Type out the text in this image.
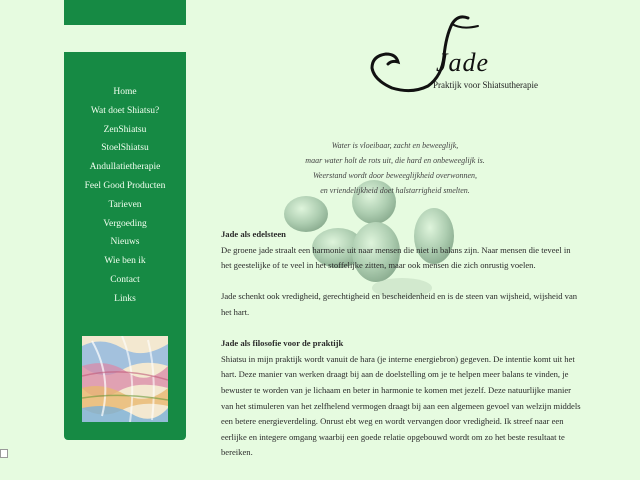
Home
Wat doet Shiatsu?
ZenShiatsu
StoelShiatsu
Andullatietherapie
Feel Good Producten
Tarieven
Vergoeding
Nieuws
Wie ben ik
Contact
Links
Jade
Praktijk voor Shiatsutherapie
Water is vloeibaar, zacht en beweeglijk,
maar water holt de rots uit, die hard en onbeweeglijk is.
Weerstand wordt door beweeglijkheid overwonnen,
en vriendelijkheid doet halstarrigheid smelten.
Jade als edelsteen

De groene jade straalt een harmonie uit naar mensen die niet in balans zijn. Naar mensen die teveel in het geestelijke of te veel in het stoffelijke zitten, maar ook mensen die zich onrustig voelen.

Jade schenkt ook vredigheid, gerechtigheid en bescheidenheid en is de steen van wijsheid, wijsheid van het hart.

Jade als filosofie voor de praktijk

Shiatsu in mijn praktijk wordt vanuit de hara (je interne energiebron) gegeven. De intentie komt uit het hart. Deze manier van werken draagt bij aan de doelstelling om je te helpen meer balans te vinden, je bewuster te worden van je lichaam en beter in harmonie te komen met jezelf. Deze natuurlijke manier van het stimuleren van het zelfhelend vermogen draagt bij aan een algemeen gevoel van welzijn middels een betere energieverdeling. Onrust ebt weg en wordt vervangen door vredigheid. Ik streef naar een eerlijke en integere omgang waarbij een goede relatie opgebouwd wordt om zo het beste resultaat te bereiken.
